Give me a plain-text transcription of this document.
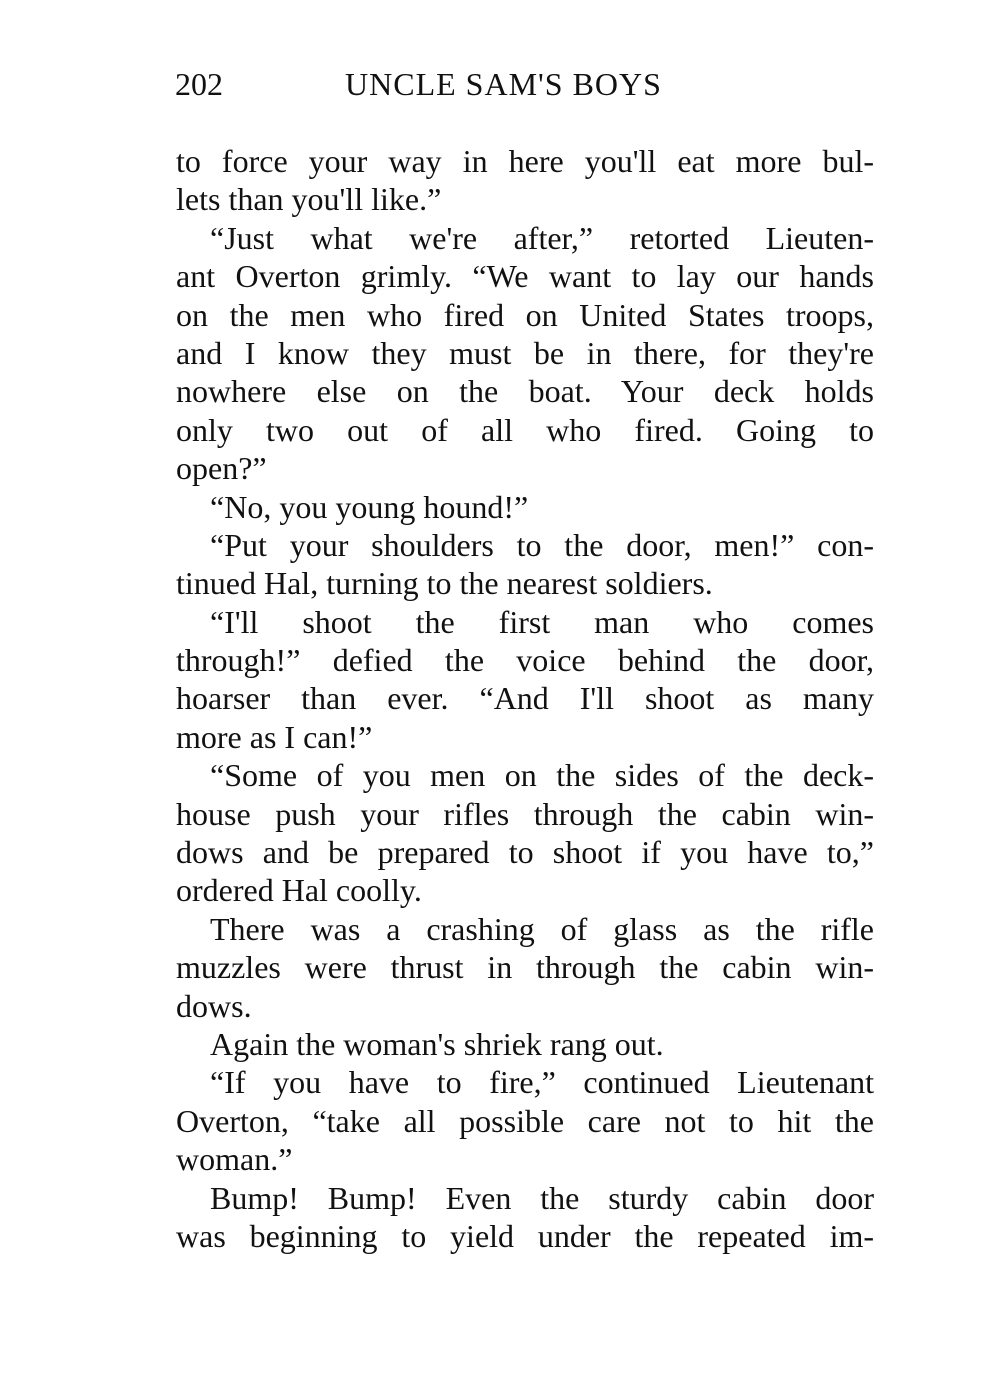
202	UNCLE SAM'S BOYS
to force your way in here you'll eat more bul-
lets than you'll like.”
“Just what we're after,” retorted Lieuten-
ant Overton grimly. “We want to lay our hands
on the men who fired on United States troops,
and I know they must be in there, for they're
nowhere else on the boat. Your deck holds
only two out of all who fired. Going to
open?”
“No, you young hound!”
“Put your shoulders to the door, men!” con-
tinued Hal, turning to the nearest soldiers.
“I'll shoot the first man who comes
through!” defied the voice behind the door,
hoarser than ever. “And I'll shoot as many
more as I can!”
“Some of you men on the sides of the deck-
house push your rifles through the cabin win-
dows and be prepared to shoot if you have to,”
ordered Hal coolly.
There was a crashing of glass as the rifle
muzzles were thrust in through the cabin win-
dows.
Again the woman's shriek rang out.
“If you have to fire,” continued Lieutenant
Overton, “take all possible care not to hit the
woman.”
Bump! Bump! Even the sturdy cabin door
was beginning to yield under the repeated im-
